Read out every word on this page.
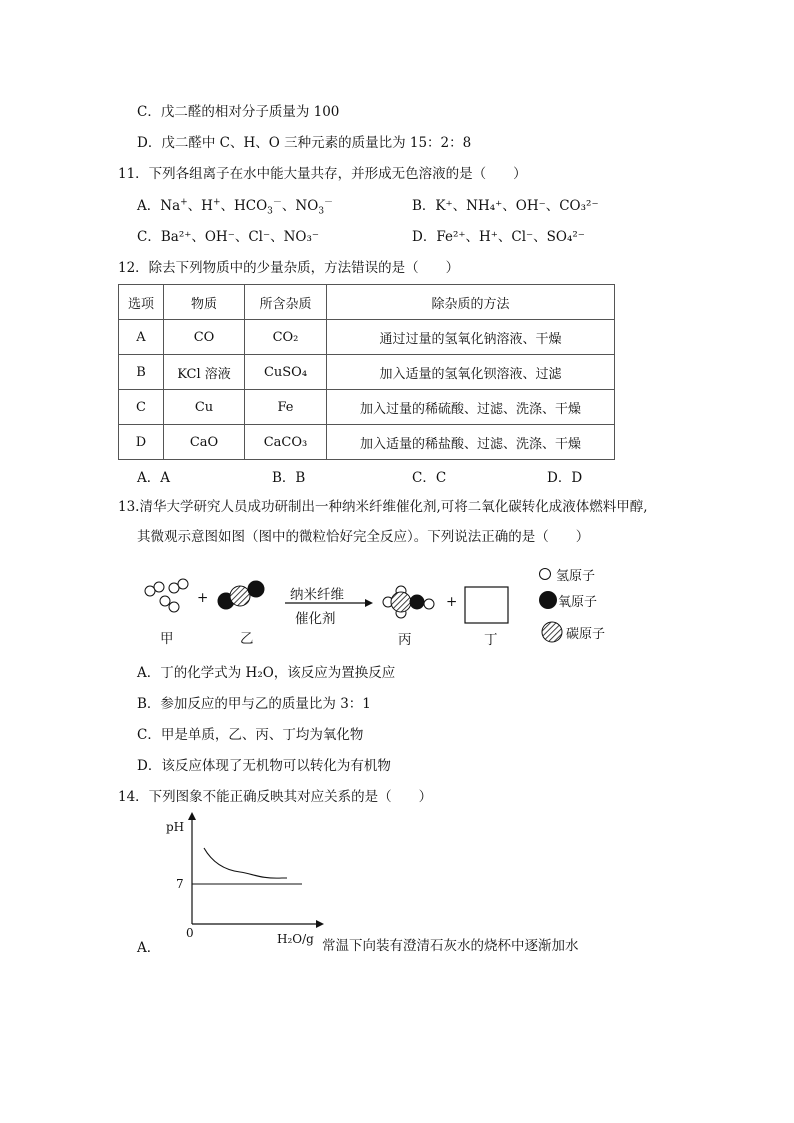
C．戊二醛的相对分子质量为 100
D．戊二醛中 C、H、O 三种元素的质量比为 15：2：8
11．下列各组离子在水中能大量共存，并形成无色溶液的是（　　）
A．Na+、H+、$HCO_3^-$、$NO_3^-$	B．K⁺、NH₄⁺、OH⁻、CO₃²⁻
C．Ba²⁺、OH⁻、Cl⁻、NO₃⁻	D．Fe²⁺、H⁺、Cl⁻、SO₄²⁻
12．除去下列物质中的少量杂质，方法错误的是（　　）
选项	物质	所含杂质	除杂质的方法
A	CO	CO₂	通过过量的氢氧化钠溶液、干燥
B	KCl 溶液	CuSO₄	加入适量的氢氧化钡溶液、过滤
C	Cu	Fe	加入过量的稀硫酸、过滤、洗涤、干燥
D	CaO	CaCO₃	加入适量的稀盐酸、过滤、洗涤、干燥
A．A	B．B	C．C	D．D
13.清华大学研究人员成功研制出一种纳米纤维催化剂,可将二氧化碳转化成液体燃料甲醇,
其微观示意图如图（图中的微粒恰好完全反应）。下列说法正确的是（　　）
+	+
纳米纤维
催化剂
甲	乙	丙	丁
氢原子
氧原子
碳原子
A．丁的化学式为 H₂O，该反应为置换反应
B．参加反应的甲与乙的质量比为 3：1
C．甲是单质，乙、丙、丁均为氧化物
D．该反应体现了无机物可以转化为有机物
14．下列图象不能正确反映其对应关系的是（　　）
pH
7
0	H₂O/g
A．	常温下向装有澄清石灰水的烧杯中逐渐加水
